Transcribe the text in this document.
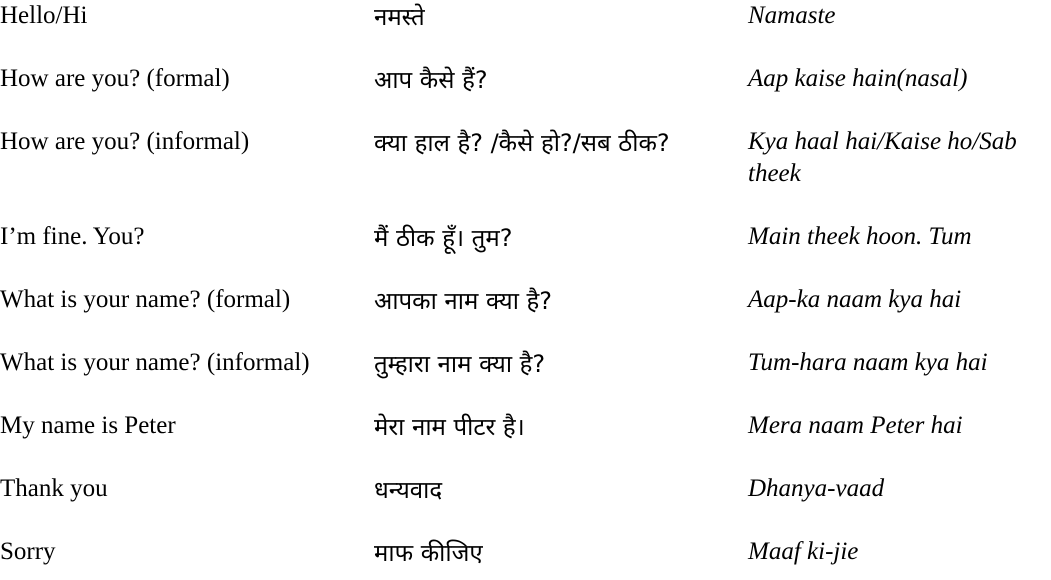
Hello/Hi	नमस्ते	Namaste
How are you? (formal)	आप कैसे हैं?	Aap kaise hain(nasal)
How are you? (informal)	क्या हाल है? /कैसे हो?/सब ठीक?	Kya haal hai/Kaise ho/Sab theek
I’m fine. You?	मैं ठीक हूँ। तुम?	Main theek hoon. Tum
What is your name? (formal)	आपका नाम क्या है?	Aap-ka naam kya hai
What is your name? (informal)	तुम्हारा नाम क्या है?	Tum-hara naam kya hai
My name is Peter	मेरा नाम पीटर है।	Mera naam Peter hai
Thank you	धन्यवाद	Dhanya-vaad
Sorry	माफ कीजिए	Maaf ki-jie
